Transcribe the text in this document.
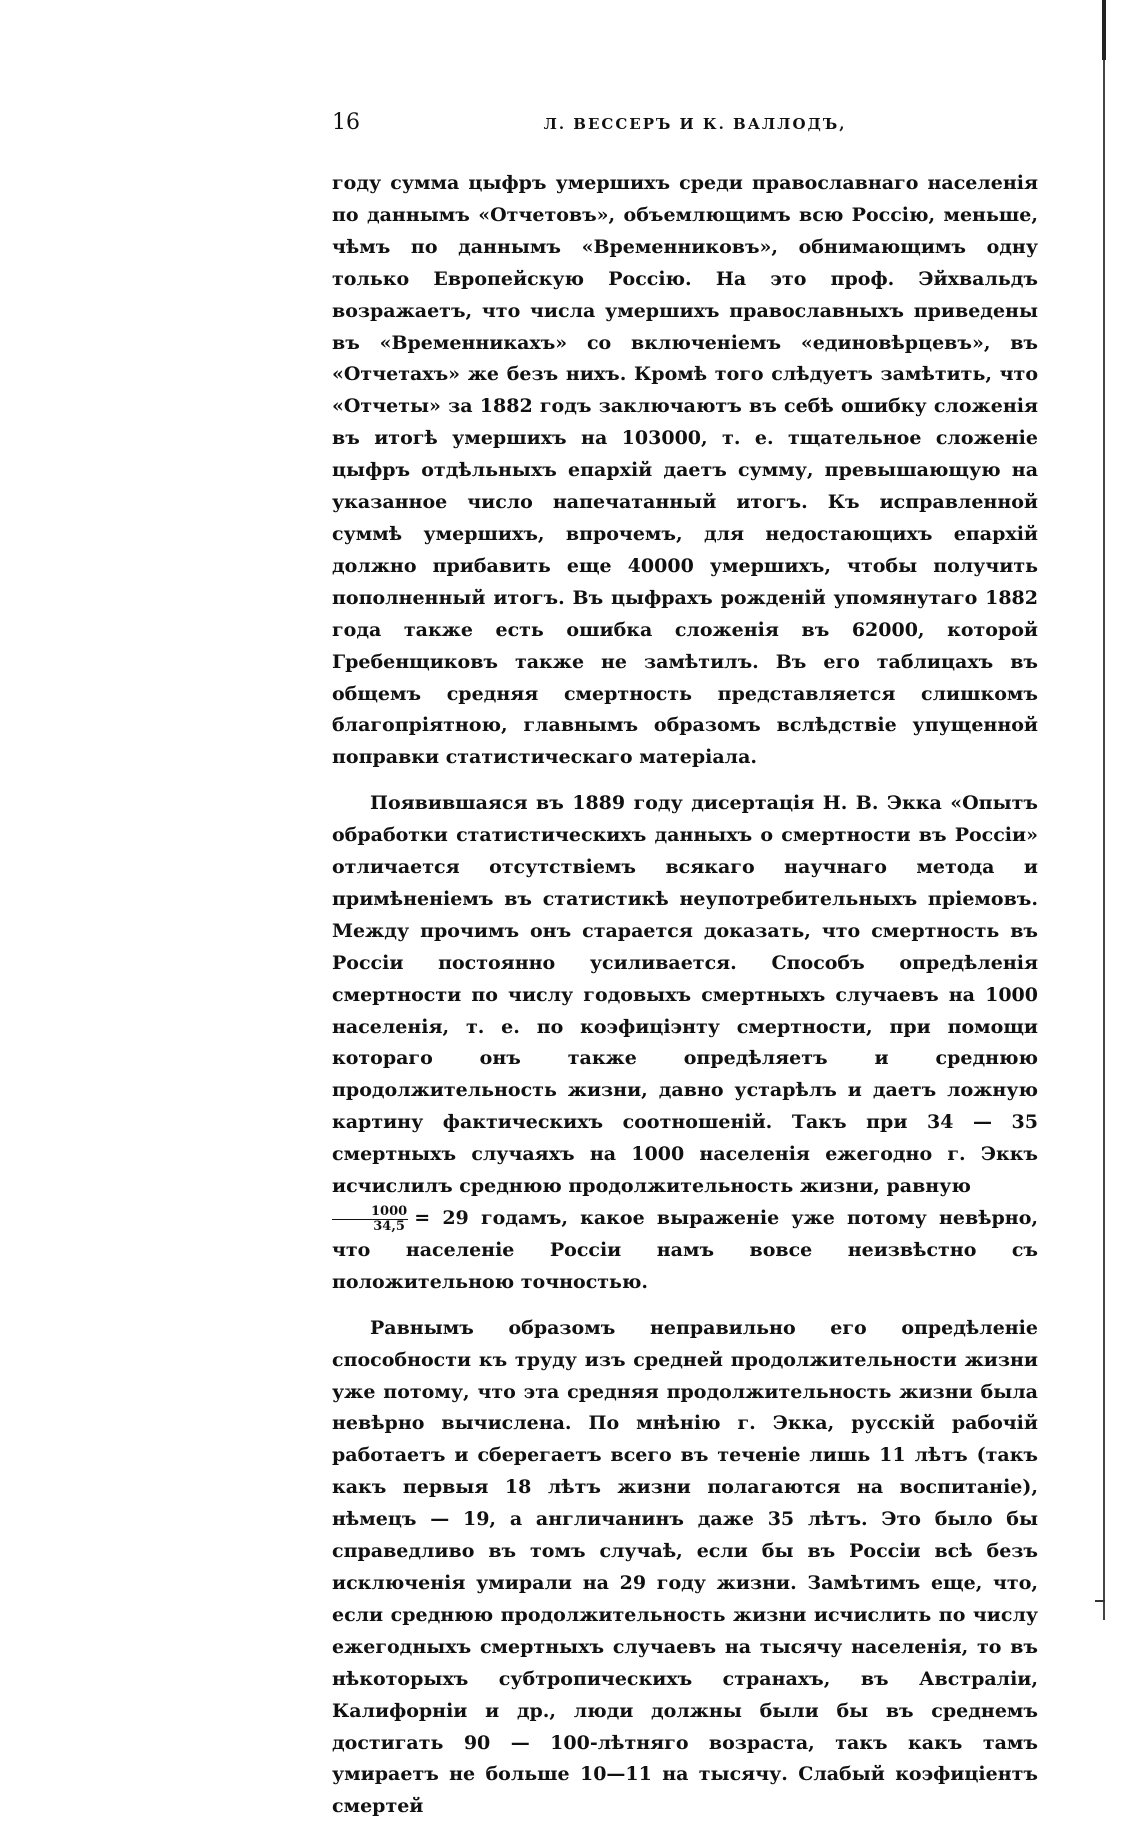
16	Л. ВЕССЕРЪ И К. ВАЛЛОДЪ,

году сумма цыфръ умершихъ среди православнаго населенія по даннымъ «Отчетовъ», объемлющимъ всю Россію, меньше, чѣмъ по даннымъ «Временниковъ», обнимающимъ одну только Европейскую Россію. На это проф. Эйхвальдъ возражаетъ, что числа умершихъ православныхъ приведены въ «Временникахъ» со включеніемъ «единовѣрцевъ», въ «Отчетахъ» же безъ нихъ. Кромѣ того слѣдуетъ замѣтить, что «Отчеты» за 1882 годъ заключаютъ въ себѣ ошибку сложенія въ итогѣ умершихъ на 103000, т. е. тщательное сложеніе цыфръ отдѣльныхъ епархій даетъ сумму, превышающую на указанное число напечатанный итогъ. Къ исправленной суммѣ умершихъ, впрочемъ, для недостающихъ епархій должно прибавить еще 40000 умершихъ, чтобы получить пополненный итогъ. Въ цыфрахъ рожденій упомянутаго 1882 года также есть ошибка сложенія въ 62000, которой Гребенщиковъ также не замѣтилъ. Въ его таблицахъ въ общемъ средняя смертность представляется слишкомъ благопріятною, главнымъ образомъ вслѣдствіе упущенной поправки статистическаго матеріала.

Появившаяся въ 1889 году дисертація Н. В. Экка «Опытъ обработки статистическихъ данныхъ о смертности въ Россіи» отличается отсутствіемъ всякаго научнаго метода и примѣненіемъ въ статистикѣ неупотребительныхъ пріемовъ. Между прочимъ онъ старается доказать, что смертность въ Россіи постоянно усиливается. Способъ опредѣленія смертности по числу годовыхъ смертныхъ случаевъ на 1000 населенія, т. е. по коэфиціэнту смертности, при помощи котораго онъ также опредѣляетъ и среднюю продолжительность жизни, давно устарѣлъ и даетъ ложную картину фактическихъ соотношеній. Такъ при 34 — 35 смертныхъ случаяхъ на 1000 населенія ежегодно г. Эккъ исчислилъ среднюю продолжительность жизни, равную

$\frac{1000}{34,5} = 29$ годамъ, какое выраженіе уже потому невѣрно, что населеніе Россіи намъ вовсе неизвѣстно съ положительною точностью.

Равнымъ образомъ неправильно его опредѣленіе способности къ труду изъ средней продолжительности жизни уже потому, что эта средняя продолжительность жизни была невѣрно вычислена. По мнѣнію г. Экка, русскій рабочій работаетъ и сберегаетъ всего въ теченіе лишь 11 лѣтъ (такъ какъ первыя 18 лѣтъ жизни полагаются на воспитаніе), нѣмецъ — 19, а англичанинъ даже 35 лѣтъ. Это было бы справедливо въ томъ случаѣ, если бы въ Россіи всѣ безъ исключенія умирали на 29 году жизни. Замѣтимъ еще, что, если среднюю продолжительность жизни исчислить по числу ежегодныхъ смертныхъ случаевъ на тысячу населенія, то въ нѣкоторыхъ субтропическихъ странахъ, въ Австраліи, Калифорніи и др., люди должны были бы въ среднемъ достигать 90 — 100-лѣтняго возраста, такъ какъ тамъ умираетъ не больше 10—11 на тысячу. Слабый коэфиціентъ смертей
